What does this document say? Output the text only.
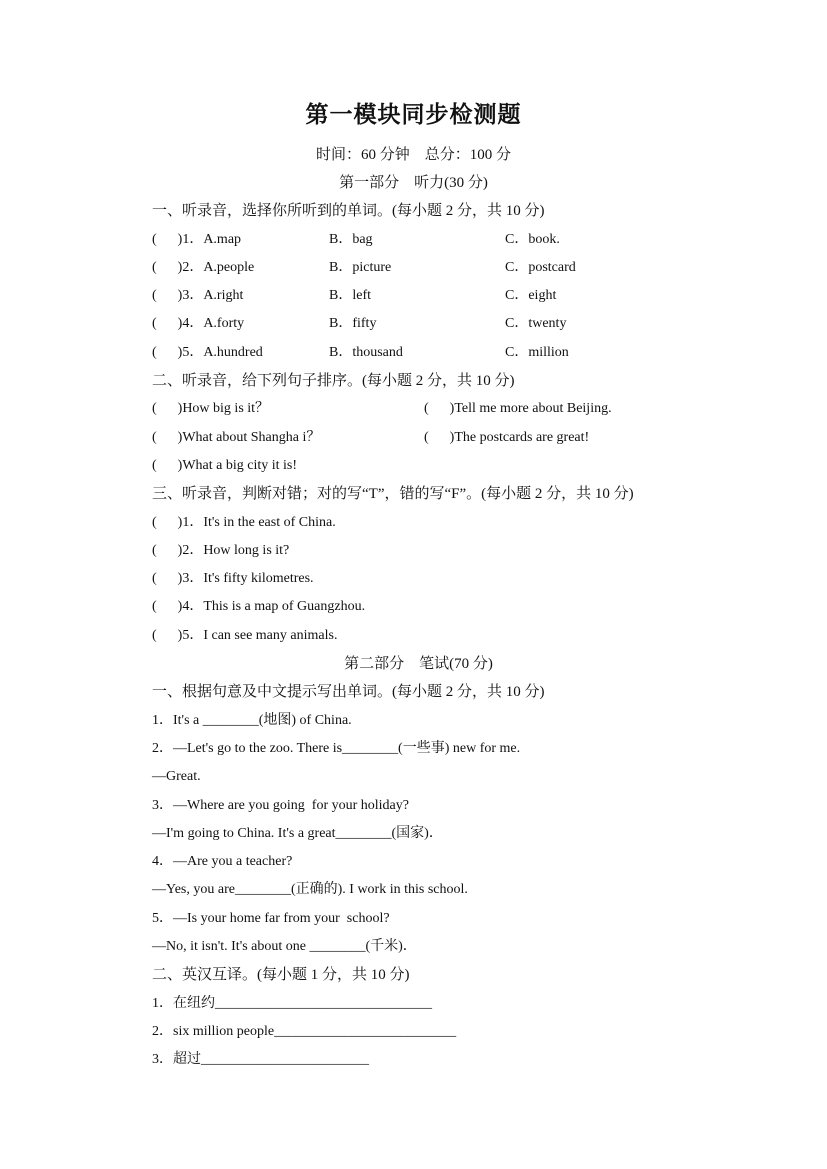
第一模块同步检测题
时间：60 分钟　总分：100 分
第一部分　听力(30 分)
一、听录音，选择你所听到的单词。(每小题 2 分，共 10 分)
(      )1．A.map	B．bag	C．book.
(      )2．A.people	B．picture	C．postcard
(      )3．A.right	B．left	C．eight
(      )4．A.forty	B．fifty	C．twenty
(      )5．A.hundred	B．thousand	C．million
二、听录音，给下列句子排序。(每小题 2 分，共 10 分)
(      )How big is it？	(      )Tell me more about Beijing.
(      )What about Shangha i？	(      )The postcards are great!
(      )What a big city it is!
三、听录音，判断对错；对的写“T”，错的写“F”。(每小题 2 分，共 10 分)
(      )1．It's in the east of China.
(      )2．How long is it?
(      )3．It's fifty kilometres.
(      )4．This is a map of Guangzhou.
(      )5．I can see many animals.
第二部分　笔试(70 分)
一、根据句意及中文提示写出单词。(每小题 2 分，共 10 分)
1．It's a ________(地图) of China.
2．—Let's go to the zoo. There is________(一些事) new for me.
—Great.
3．—Where are you going  for your holiday?
—I'm going to China. It's a great________(国家)．
4．—Are you a teacher?
—Yes, you are________(正确的). I work in this school.
5．—Is your home far from your  school?
—No, it isn't. It's about one ________(千米)．
二、英汉互译。(每小题 1 分，共 10 分)
1．在纽约_______________________________
2．six million people__________________________
3．超过________________________
